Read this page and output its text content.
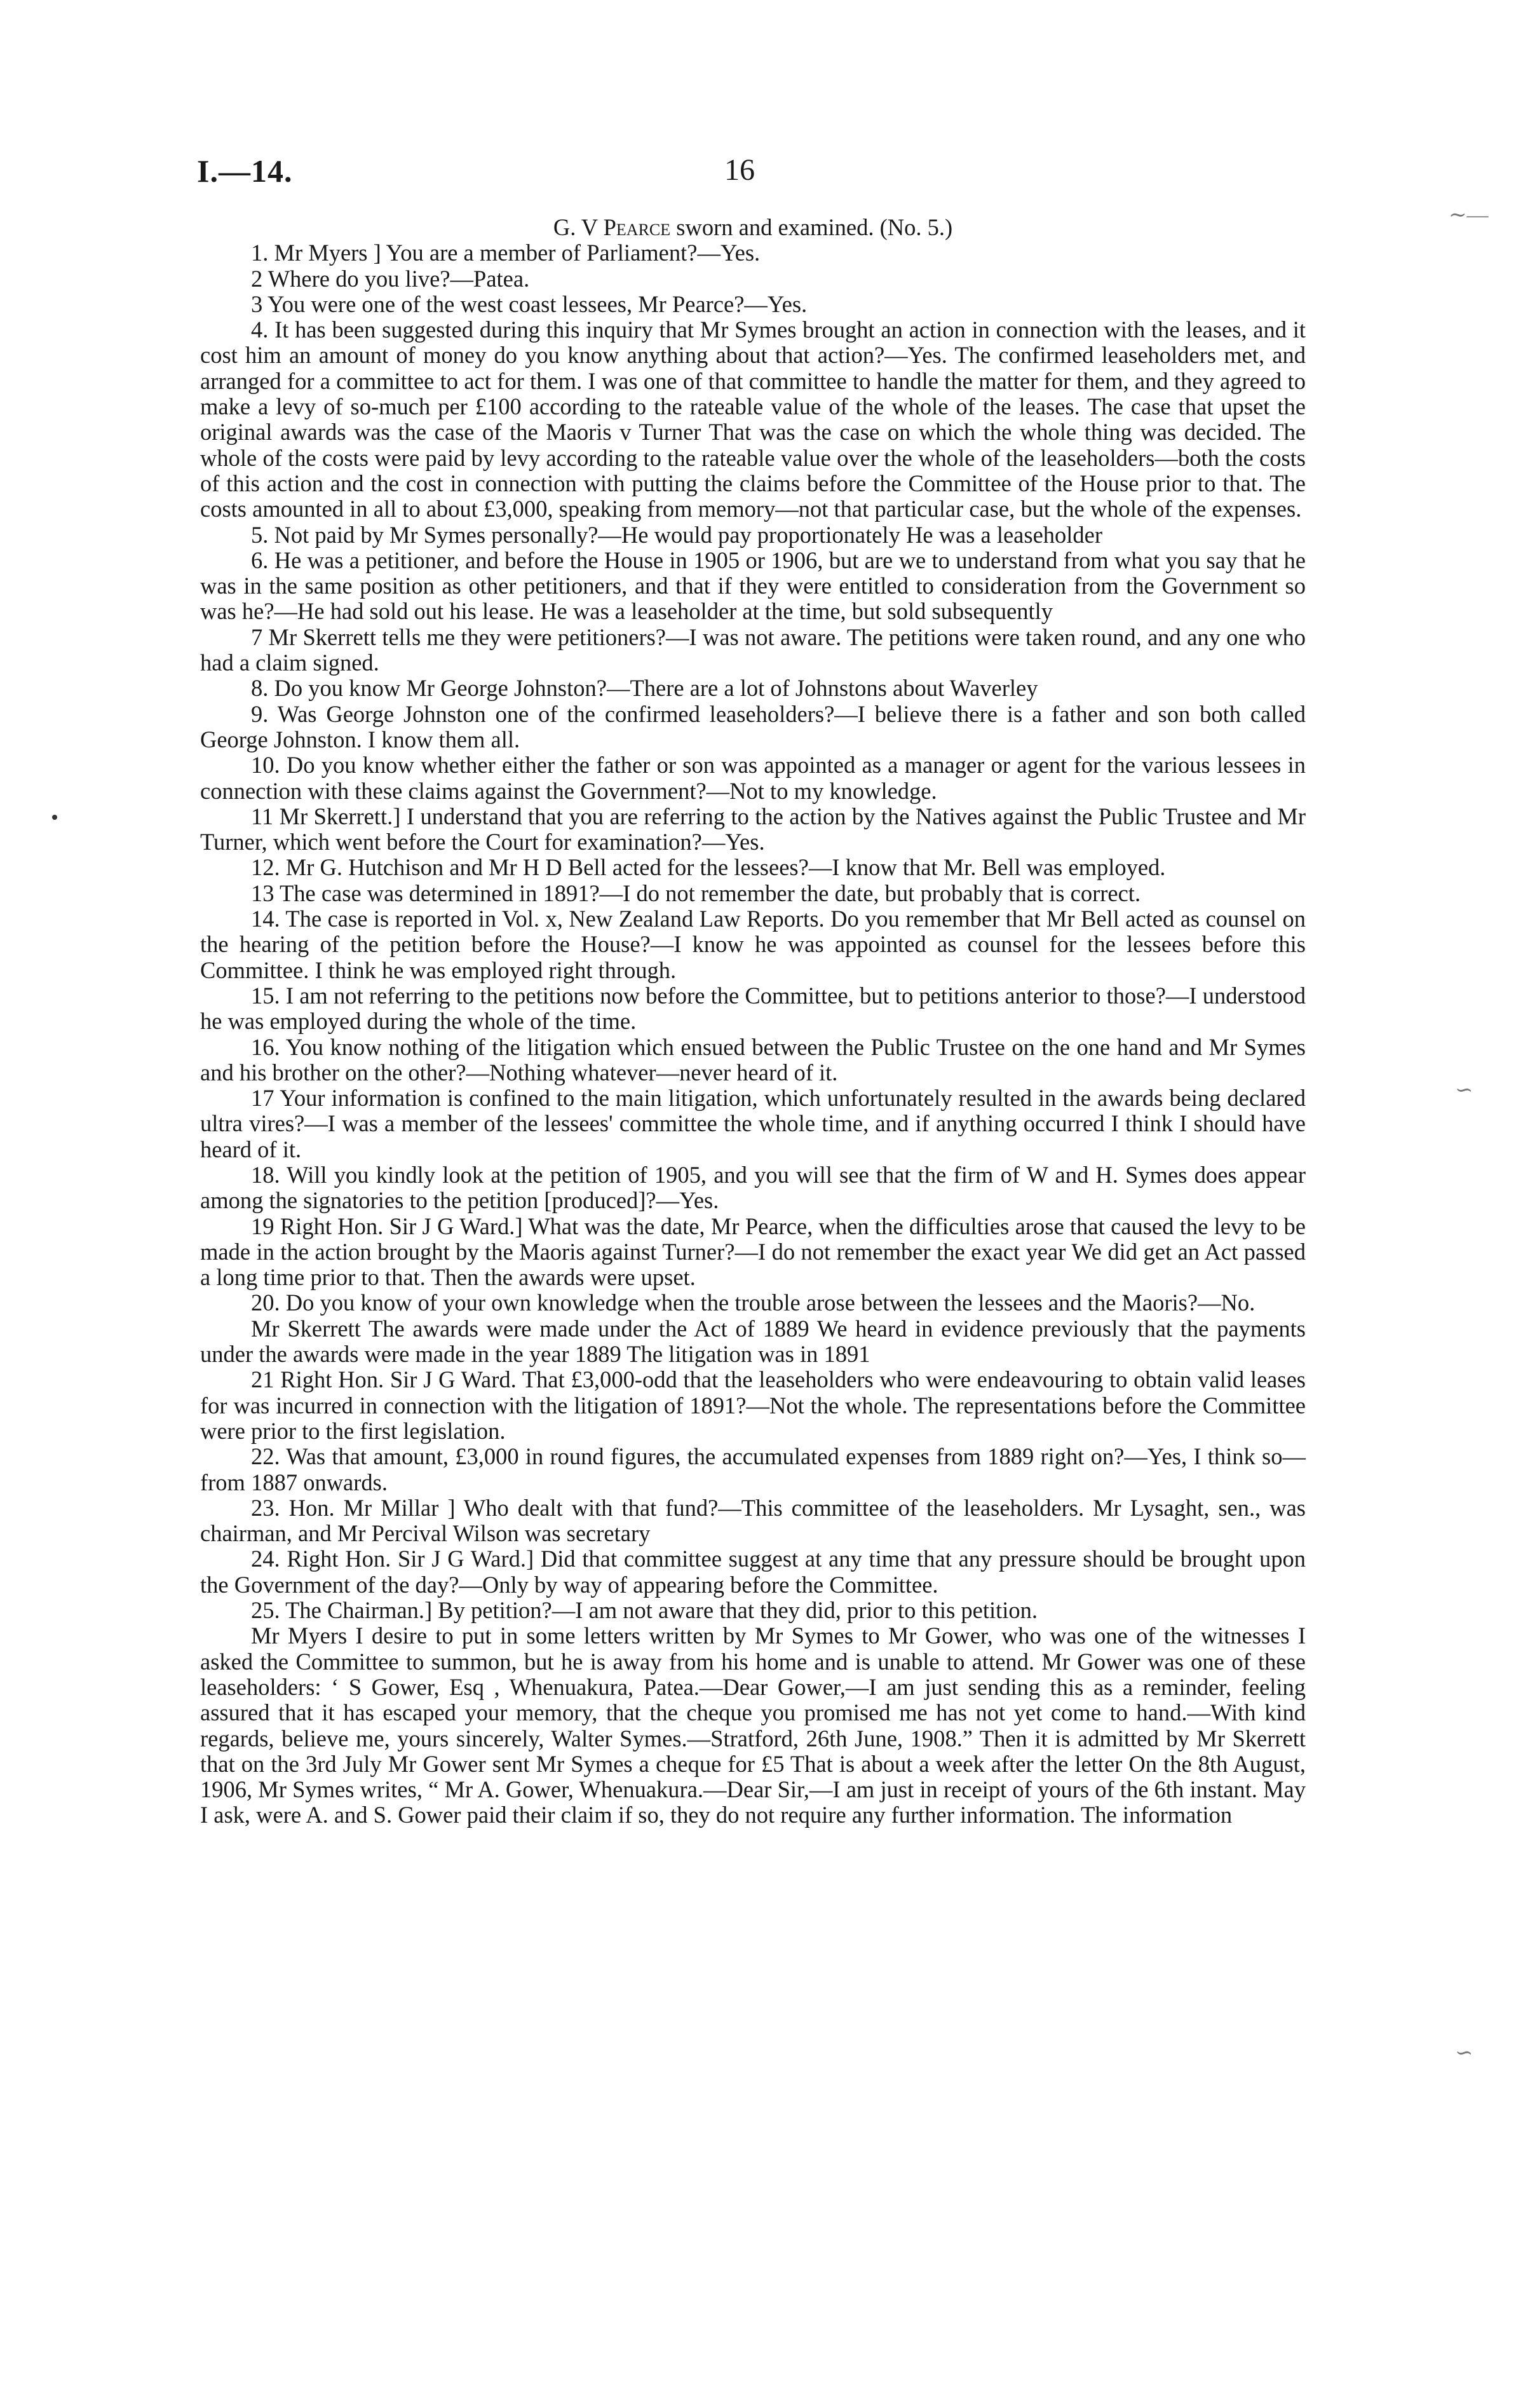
I.—14.	16

G. V Pearce sworn and examined. (No. 5.)

1. Mr Myers ] You are a member of Parliament?—Yes.

2 Where do you live?—Patea.

3 You were one of the west coast lessees, Mr Pearce?—Yes.

4. It has been suggested during this inquiry that Mr Symes brought an action in connection with the leases, and it cost him an amount of money do you know anything about that action?—Yes. The confirmed leaseholders met, and arranged for a committee to act for them. I was one of that committee to handle the matter for them, and they agreed to make a levy of so-much per £100 according to the rateable value of the whole of the leases. The case that upset the original awards was the case of the Maoris v Turner That was the case on which the whole thing was decided. The whole of the costs were paid by levy according to the rateable value over the whole of the leaseholders—both the costs of this action and the cost in connection with putting the claims before the Committee of the House prior to that. The costs amounted in all to about £3,000, speaking from memory—not that particular case, but the whole of the expenses.

5. Not paid by Mr Symes personally?—He would pay proportionately He was a leaseholder

6. He was a petitioner, and before the House in 1905 or 1906, but are we to understand from what you say that he was in the same position as other petitioners, and that if they were entitled to consideration from the Government so was he?—He had sold out his lease. He was a leaseholder at the time, but sold subsequently

7 Mr Skerrett tells me they were petitioners?—I was not aware. The petitions were taken round, and any one who had a claim signed.

8. Do you know Mr George Johnston?—There are a lot of Johnstons about Waverley

9. Was George Johnston one of the confirmed leaseholders?—I believe there is a father and son both called George Johnston. I know them all.

10. Do you know whether either the father or son was appointed as a manager or agent for the various lessees in connection with these claims against the Government?—Not to my knowledge.

11 Mr Skerrett.] I understand that you are referring to the action by the Natives against the Public Trustee and Mr Turner, which went before the Court for examination?—Yes.

12. Mr G. Hutchison and Mr H D Bell acted for the lessees?—I know that Mr. Bell was employed.

13 The case was determined in 1891?—I do not remember the date, but probably that is correct.

14. The case is reported in Vol. x, New Zealand Law Reports. Do you remember that Mr Bell acted as counsel on the hearing of the petition before the House?—I know he was appointed as counsel for the lessees before this Committee. I think he was employed right through.

15. I am not referring to the petitions now before the Committee, but to petitions anterior to those?—I understood he was employed during the whole of the time.

16. You know nothing of the litigation which ensued between the Public Trustee on the one hand and Mr Symes and his brother on the other?—Nothing whatever—never heard of it.

17 Your information is confined to the main litigation, which unfortunately resulted in the awards being declared ultra vires?—I was a member of the lessees' committee the whole time, and if anything occurred I think I should have heard of it.

18. Will you kindly look at the petition of 1905, and you will see that the firm of W and H. Symes does appear among the signatories to the petition [produced]?—Yes.

19 Right Hon. Sir J G Ward.] What was the date, Mr Pearce, when the difficulties arose that caused the levy to be made in the action brought by the Maoris against Turner?—I do not remember the exact year We did get an Act passed a long time prior to that. Then the awards were upset.

20. Do you know of your own knowledge when the trouble arose between the lessees and the Maoris?—No.

Mr Skerrett The awards were made under the Act of 1889 We heard in evidence previously that the payments under the awards were made in the year 1889 The litigation was in 1891

21 Right Hon. Sir J G Ward. That £3,000-odd that the leaseholders who were endeavouring to obtain valid leases for was incurred in connection with the litigation of 1891?—Not the whole. The representations before the Committee were prior to the first legislation.

22. Was that amount, £3,000 in round figures, the accumulated expenses from 1889 right on?—Yes, I think so—from 1887 onwards.

23. Hon. Mr Millar ] Who dealt with that fund?—This committee of the leaseholders. Mr Lysaght, sen., was chairman, and Mr Percival Wilson was secretary

24. Right Hon. Sir J G Ward.] Did that committee suggest at any time that any pressure should be brought upon the Government of the day?—Only by way of appearing before the Committee.

25. The Chairman.] By petition?—I am not aware that they did, prior to this petition.

Mr Myers I desire to put in some letters written by Mr Symes to Mr Gower, who was one of the witnesses I asked the Committee to summon, but he is away from his home and is unable to attend. Mr Gower was one of these leaseholders: ‘ S Gower, Esq , Whenuakura, Patea.—Dear Gower,—I am just sending this as a reminder, feeling assured that it has escaped your memory, that the cheque you promised me has not yet come to hand.—With kind regards, believe me, yours sincerely, Walter Symes.—Stratford, 26th June, 1908.” Then it is admitted by Mr Skerrett that on the 3rd July Mr Gower sent Mr Symes a cheque for £5 That is about a week after the letter On the 8th August, 1906, Mr Symes writes, “ Mr A. Gower, Whenuakura.—Dear Sir,—I am just in receipt of yours of the 6th instant. May I ask, were A. and S. Gower paid their claim if so, they do not require any further information. The information

∼—
∽
∽
